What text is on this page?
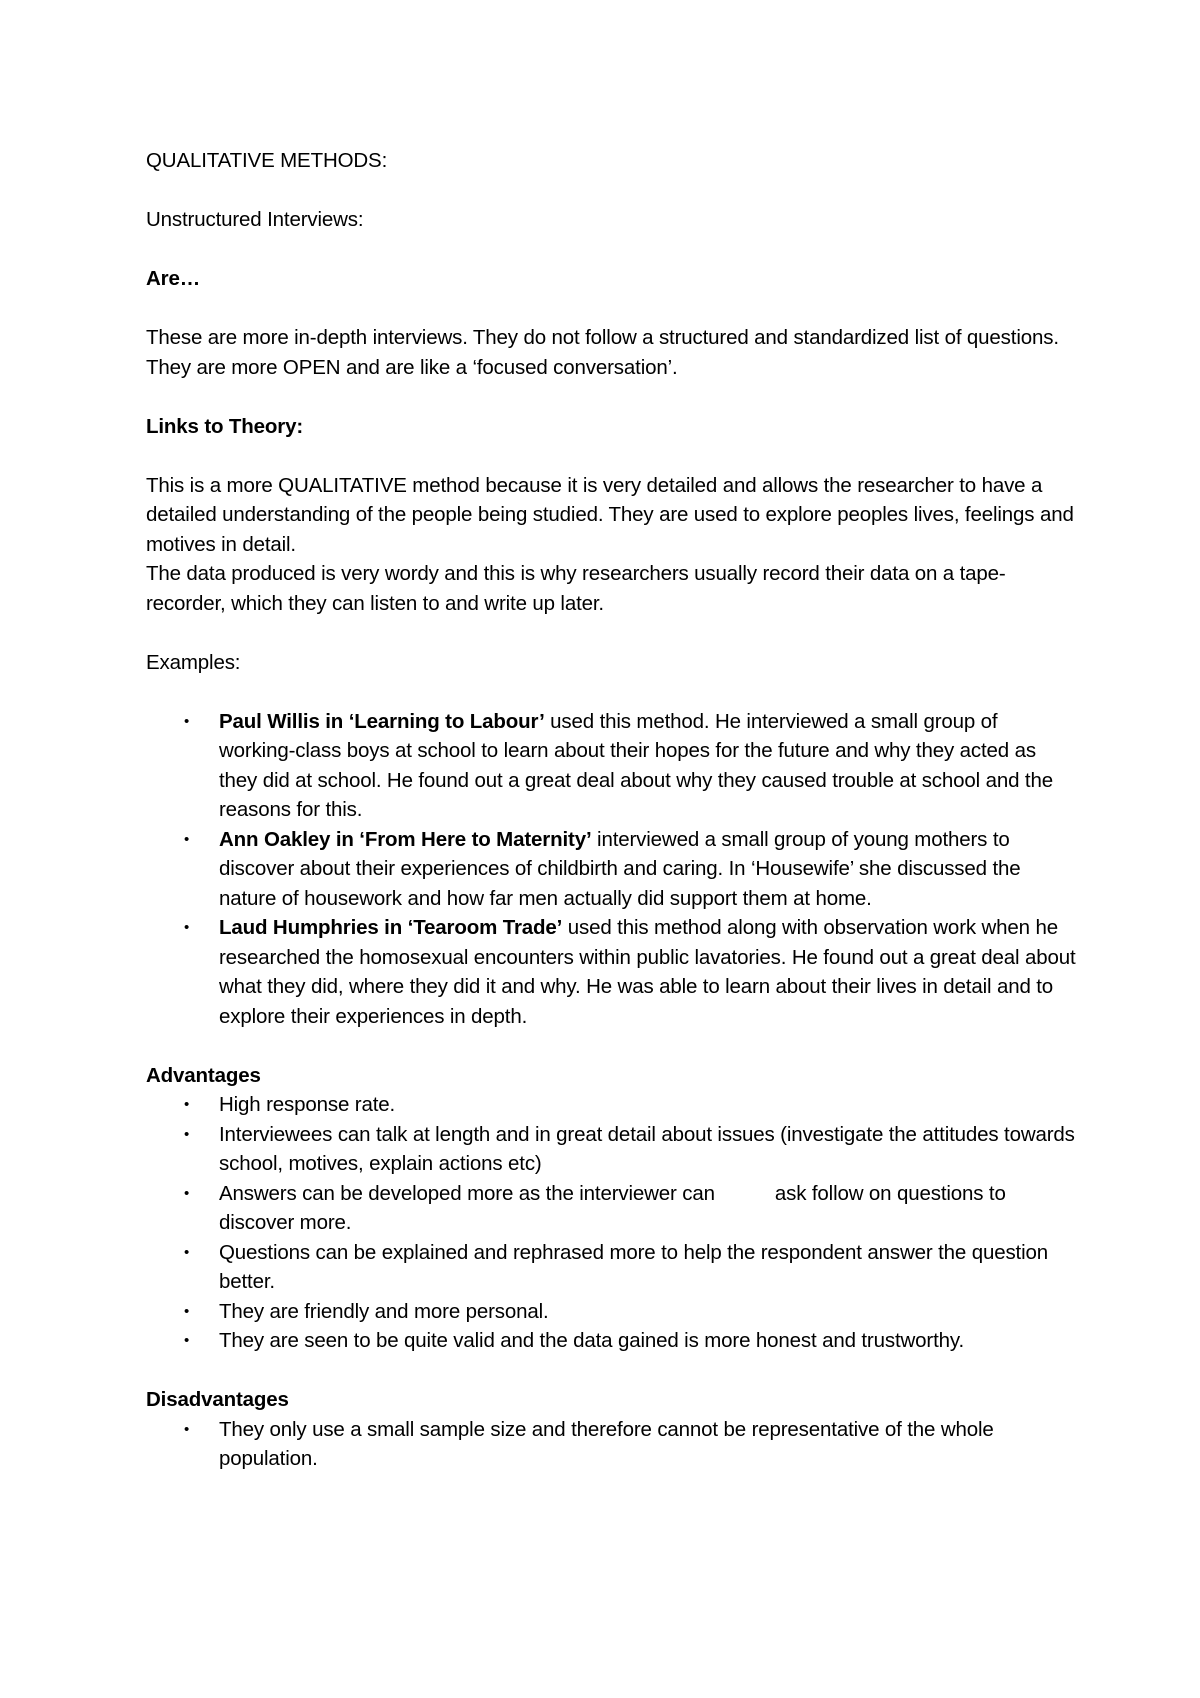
QUALITATIVE METHODS:

Unstructured Interviews:

Are…

These are more in-depth interviews. They do not follow a structured and standardized list of questions. They are more OPEN and are like a ‘focused conversation’.

Links to Theory:

This is a more QUALITATIVE method because it is very detailed and allows the researcher to have a detailed understanding of the people being studied. They are used to explore peoples lives, feelings and motives in detail.

The data produced is very wordy and this is why researchers usually record their data on a tape-recorder, which they can listen to and write up later.

Examples:

• Paul Willis in ‘Learning to Labour’ used this method. He interviewed a small group of working-class boys at school to learn about their hopes for the future and why they acted as they did at school. He found out a great deal about why they caused trouble at school and the reasons for this.
• Ann Oakley in ‘From Here to Maternity’ interviewed a small group of young mothers to discover about their experiences of childbirth and caring. In ‘Housewife’ she discussed the nature of housework and how far men actually did support them at home.
• Laud Humphries in ‘Tearoom Trade’ used this method along with observation work when he researched the homosexual encounters within public lavatories. He found out a great deal about what they did, where they did it and why. He was able to learn about their lives in detail and to explore their experiences in depth.

Advantages

• High response rate.
• Interviewees can talk at length and in great detail about issues (investigate the attitudes towards school, motives, explain actions etc)
• Answers can be developed more as the interviewer can	ask follow on questions to discover more.
• Questions can be explained and rephrased more to help the respondent answer the question better.
• They are friendly and more personal.
• They are seen to be quite valid and the data gained is more honest and trustworthy.

Disadvantages

• They only use a small sample size and therefore cannot be representative of the whole population.
